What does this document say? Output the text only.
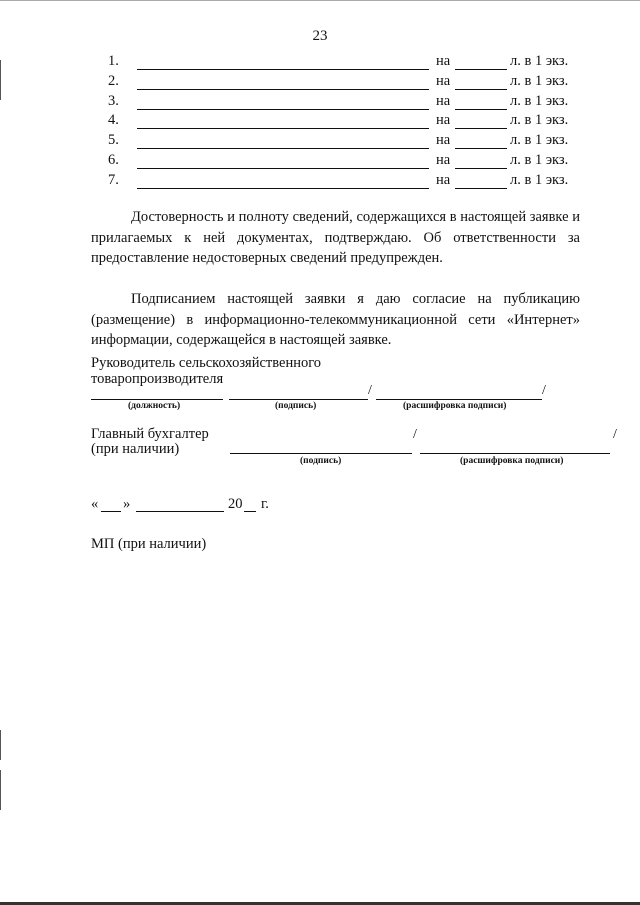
23
1.	на	л. в 1 экз.
2.	на	л. в 1 экз.
3.	на	л. в 1 экз.
4.	на	л. в 1 экз.
5.	на	л. в 1 экз.
6.	на	л. в 1 экз.
7.	на	л. в 1 экз.
Достоверность и полноту сведений, содержащихся в настоящей заявке и прилагаемых к ней документах, подтверждаю. Об ответственности за предоставление недостоверных сведений предупрежден.
Подписанием настоящей заявки я даю согласие на публикацию (размещение) в информационно-телекоммуникационной сети «Интернет» информации, содержащейся в настоящей заявке.
Руководитель сельскохозяйственного
товаропроизводителя
/	/
(должность)	(подпись)	(расшифровка подписи)
Главный бухгалтер
(при наличии)
/	/
(подпись)	(расшифровка подписи)
« »	20 г.
МП (при наличии)
